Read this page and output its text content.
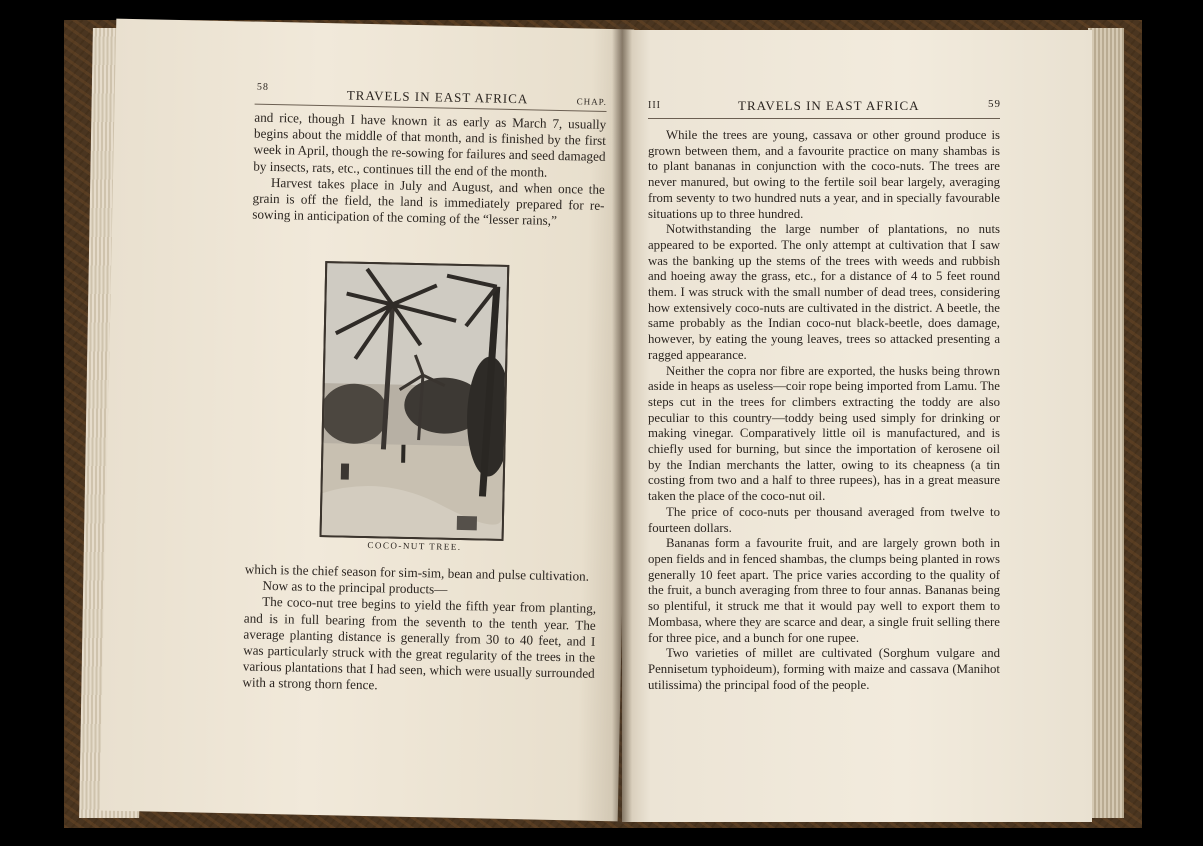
58
TRAVELS IN EAST AFRICA	CHAP.

and rice, though I have known it as early as March 7, usually begins about the middle of that month, and is finished by the first week in April, though the re-sowing for failures and seed damaged by insects, rats, etc., continues till the end of the month.

Harvest takes place in July and August, and when once the grain is off the field, the land is immediately prepared for re-sowing in anticipation of the coming of the “lesser rains,”

COCO-NUT TREE.

which is the chief season for sim-sim, bean and pulse cultivation.

Now as to the principal products—

The coco-nut tree begins to yield the fifth year from planting, and is in full bearing from the seventh to the tenth year. The average planting distance is generally from 30 to 40 feet, and I was particularly struck with the great regularity of the trees in the various plantations that I had seen, which were usually surrounded with a strong thorn fence.

III	TRAVELS IN EAST AFRICA	59

While the trees are young, cassava or other ground produce is grown between them, and a favourite practice on many shambas is to plant bananas in conjunction with the coco-nuts. The trees are never manured, but owing to the fertile soil bear largely, averaging from seventy to two hundred nuts a year, and in specially favourable situations up to three hundred.

Notwithstanding the large number of plantations, no nuts appeared to be exported. The only attempt at cultivation that I saw was the banking up the stems of the trees with weeds and rubbish and hoeing away the grass, etc., for a distance of 4 to 5 feet round them. I was struck with the small number of dead trees, considering how extensively coco-nuts are cultivated in the district. A beetle, the same probably as the Indian coco-nut black-beetle, does damage, however, by eating the young leaves, trees so attacked presenting a ragged appearance.

Neither the copra nor fibre are exported, the husks being thrown aside in heaps as useless—coir rope being imported from Lamu. The steps cut in the trees for climbers extracting the toddy are also peculiar to this country—toddy being used simply for drinking or making vinegar. Comparatively little oil is manufactured, and is chiefly used for burning, but since the importation of kerosene oil by the Indian merchants the latter, owing to its cheapness (a tin costing from two and a half to three rupees), has in a great measure taken the place of the coco-nut oil.

The price of coco-nuts per thousand averaged from twelve to fourteen dollars.

Bananas form a favourite fruit, and are largely grown both in open fields and in fenced shambas, the clumps being planted in rows generally 10 feet apart. The price varies according to the quality of the fruit, a bunch averaging from three to four annas. Bananas being so plentiful, it struck me that it would pay well to export them to Mombasa, where they are scarce and dear, a single fruit selling there for three pice, and a bunch for one rupee.

Two varieties of millet are cultivated (Sorghum vulgare and Pennisetum typhoideum), forming with maize and cassava (Manihot utilissima) the principal food of the people.
